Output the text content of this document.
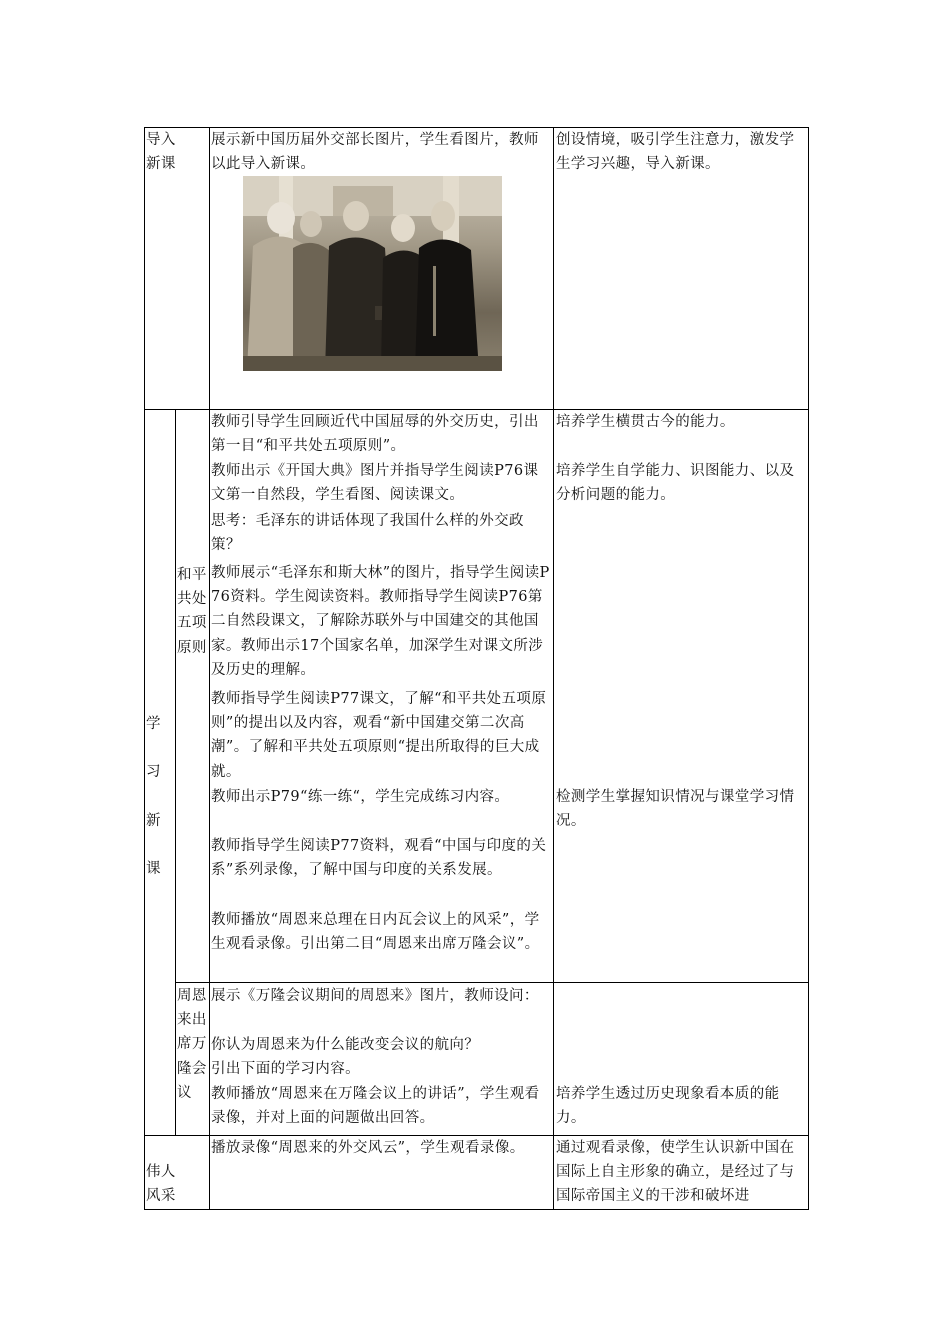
导入新课
展示新中国历届外交部长图片，学生看图片，教师以此导入新课。
创设情境，吸引学生注意力，激发学生学习兴趣，导入新课。
学
习
新
课
和平共处五项原则
教师引导学生回顾近代中国屈辱的外交历史，引出第一目“和平共处五项原则”。
教师出示《开国大典》图片并指导学生阅读P76课文第一自然段，学生看图、阅读课文。
思考：毛泽东的讲话体现了我国什么样的外交政策？
教师展示“毛泽东和斯大林”的图片，指导学生阅读P76资料。学生阅读资料。教师指导学生阅读P76第二自然段课文，了解除苏联外与中国建交的其他国家。教师出示17个国家名单，加深学生对课文所涉及历史的理解。
教师指导学生阅读P77课文，了解“和平共处五项原则”的提出以及内容，观看“新中国建交第二次高潮”。了解和平共处五项原则“提出所取得的巨大成就。
教师出示P79“练一练“，学生完成练习内容。
教师指导学生阅读P77资料，观看“中国与印度的关系”系列录像，了解中国与印度的关系发展。
教师播放“周恩来总理在日内瓦会议上的风采”，学生观看录像。引出第二目“周恩来出席万隆会议”。
培养学生横贯古今的能力。
培养学生自学能力、识图能力、以及分析问题的能力。
检测学生掌握知识情况与课堂学习情况。
周恩来出席万隆会议
展示《万隆会议期间的周恩来》图片，教师设问：
你认为周恩来为什么能改变会议的航向？
引出下面的学习内容。
教师播放“周恩来在万隆会议上的讲话”，学生观看录像，并对上面的问题做出回答。
培养学生透过历史现象看本质的能力。
伟人风采
播放录像“周恩来的外交风云”，学生观看录像。	通过观看录像，使学生认识新中国在国际上自主形象的确立，是经过了与国际帝国主义的干涉和破坏进
